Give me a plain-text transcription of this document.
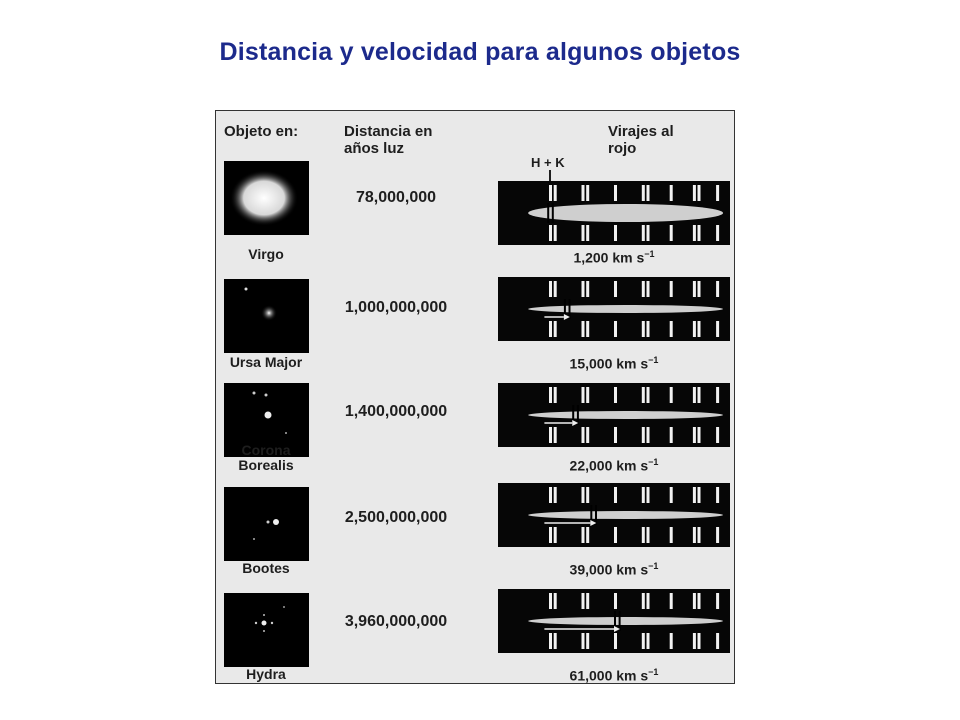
Distancia y velocidad para algunos objetos
Objeto en:	Distancia en
años luz
Virajes al
rojo
H + K
Virgo
78,000,000
1,200 km $s^{-1}$
Ursa Major
1,000,000,000
15,000 km $s^{-1}$
Corona
Borealis
1,400,000,000
22,000 km $s^{-1}$
Bootes
2,500,000,000
39,000 km $s^{-1}$
Hydra
3,960,000,000
61,000 km $s^{-1}$
